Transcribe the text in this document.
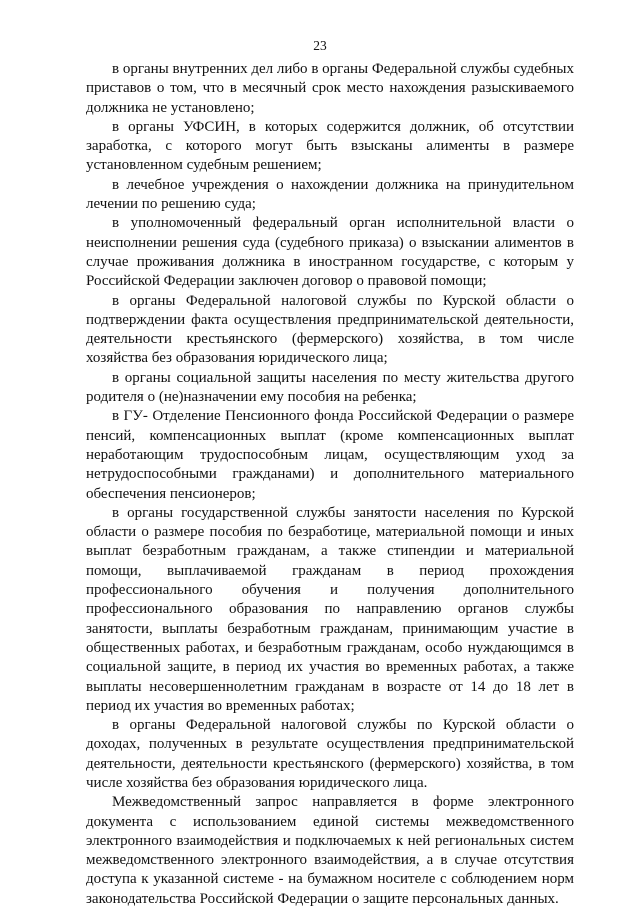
23

в органы внутренних дел либо в органы Федеральной службы судебных приставов о том, что в месячный срок место нахождения разыскиваемого должника не установлено;

в органы УФСИН, в которых содержится должник, об отсутствии заработка, с которого могут быть взысканы алименты в размере установленном судебным решением;

в лечебное учреждения о нахождении должника на принудительном лечении по решению суда;

в уполномоченный федеральный орган исполнительной власти о неисполнении решения суда (судебного приказа) о взыскании алиментов в случае проживания должника в иностранном государстве, с которым у Российской Федерации заключен договор о правовой помощи;

в органы Федеральной налоговой службы по Курской области о подтверждении факта осуществления предпринимательской деятельности, деятельности крестьянского (фермерского) хозяйства, в том числе хозяйства без образования юридического лица;

в органы социальной защиты населения по месту жительства другого родителя о (не)назначении ему пособия на ребенка;

в ГУ- Отделение Пенсионного фонда Российской Федерации о размере пенсий, компенсационных выплат (кроме компенсационных выплат неработающим трудоспособным лицам, осуществляющим уход за нетрудоспособными гражданами) и дополнительного материального обеспечения пенсионеров;

в органы государственной службы занятости населения по Курской области о размере пособия по безработице, материальной помощи и иных выплат безработным гражданам, а также стипендии и материальной помощи, выплачиваемой гражданам в период прохождения профессионального обучения и получения дополнительного профессионального образования по направлению органов службы занятости, выплаты безработным гражданам, принимающим участие в общественных работах, и безработным гражданам, особо нуждающимся в социальной защите, в период их участия во временных работах, а также выплаты несовершеннолетним гражданам в возрасте от 14 до 18 лет в период их участия во временных работах;

в органы Федеральной налоговой службы по Курской области о доходах, полученных в результате осуществления предпринимательской деятельности, деятельности крестьянского (фермерского) хозяйства, в том числе хозяйства без образования юридического лица.

Межведомственный запрос направляется в форме электронного документа с использованием единой системы межведомственного электронного взаимодействия и подключаемых к ней региональных систем межведомственного электронного взаимодействия, а в случае отсутствия доступа к указанной системе - на бумажном носителе с соблюдением норм законодательства Российской Федерации о защите персональных данных.
